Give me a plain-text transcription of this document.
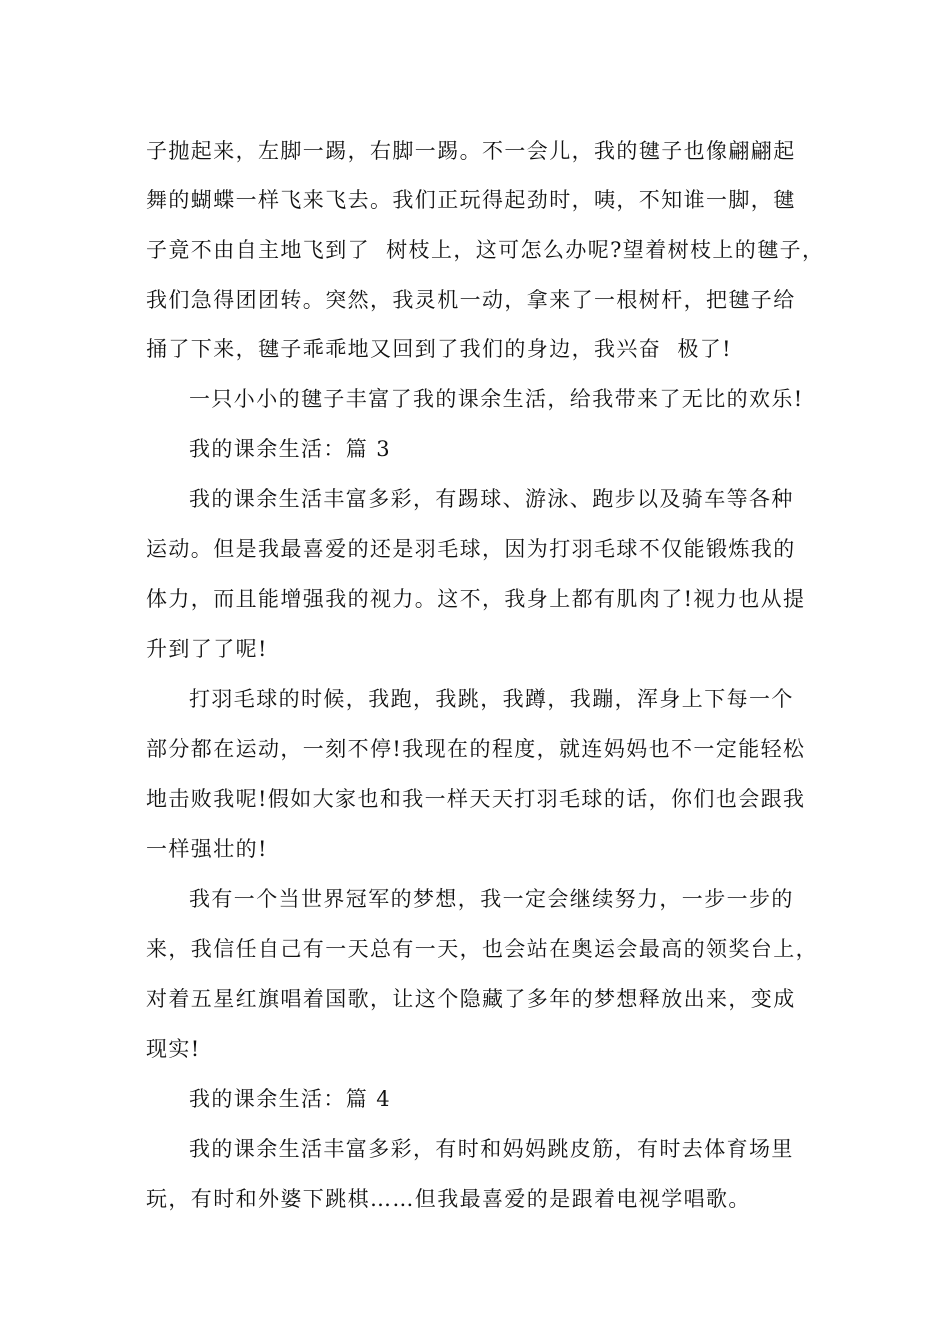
子抛起来，左脚一踢，右脚一踢。不一会儿，我的毽子也像翩翩起
舞的蝴蝶一样飞来飞去。我们正玩得起劲时，咦，不知谁一脚，毽
子竟不由自主地飞到了  树枝上，这可怎么办呢?望着树枝上的毽子，
我们急得团团转。突然，我灵机一动，拿来了一根树杆，把毽子给
捅了下来，毽子乖乖地又回到了我们的身边，我兴奋  极了!
一只小小的毽子丰富了我的课余生活，给我带来了无比的欢乐!
我的课余生活：篇 3
我的课余生活丰富多彩，有踢球、游泳、跑步以及骑车等各种
运动。但是我最喜爱的还是羽毛球，因为打羽毛球不仅能锻炼我的
体力，而且能增强我的视力。这不，我身上都有肌肉了!视力也从提
升到了了呢!
打羽毛球的时候，我跑，我跳，我蹲，我蹦，浑身上下每一个
部分都在运动，一刻不停!我现在的程度，就连妈妈也不一定能轻松
地击败我呢!假如大家也和我一样天天打羽毛球的话，你们也会跟我
一样强壮的!
我有一个当世界冠军的梦想，我一定会继续努力，一步一步的
来，我信任自己有一天总有一天，也会站在奥运会最高的领奖台上，
对着五星红旗唱着国歌，让这个隐藏了多年的梦想释放出来，变成
现实!
我的课余生活：篇 4
我的课余生活丰富多彩，有时和妈妈跳皮筋，有时去体育场里
玩，有时和外婆下跳棋……但我最喜爱的是跟着电视学唱歌。
